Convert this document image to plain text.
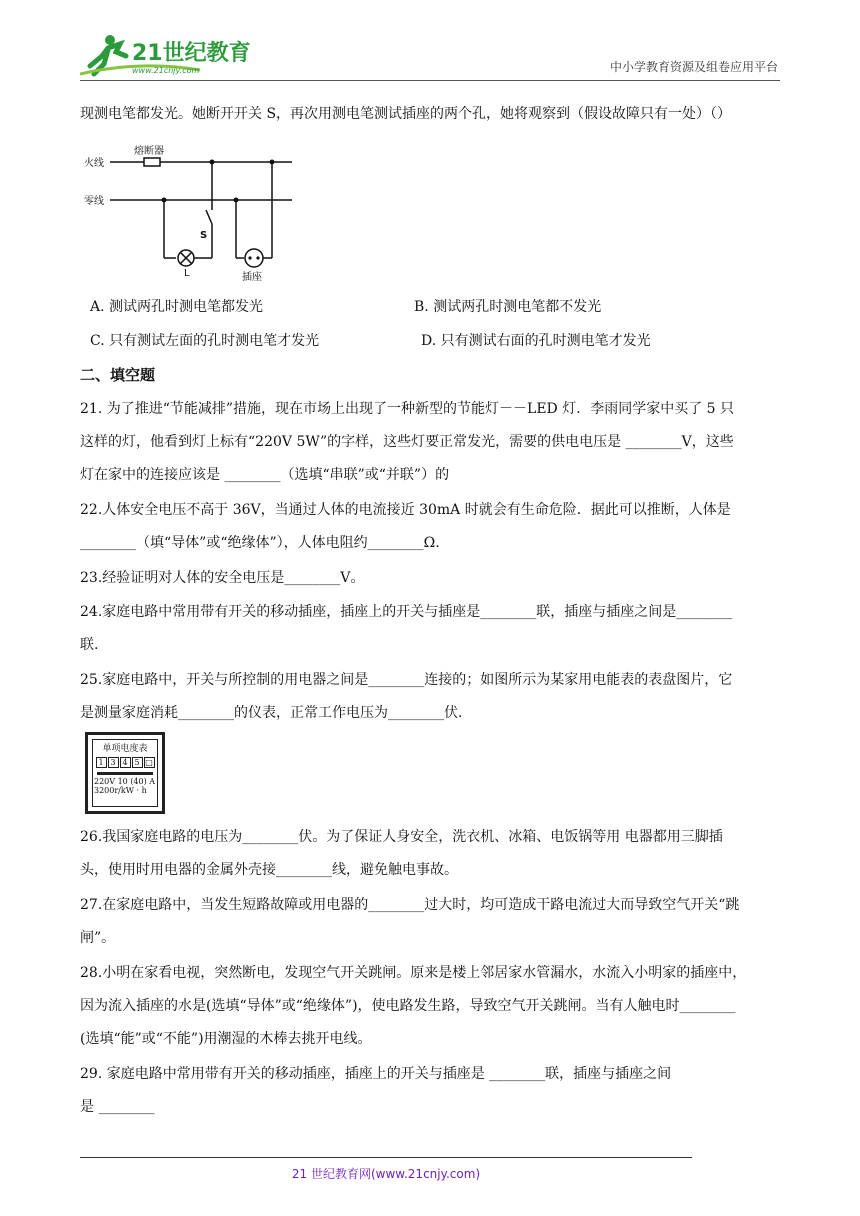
21世纪教育
www.21cnjy.com	中小学教育资源及组卷应用平台
现测电笔都发光。她断开开关 S，再次用测电笔测试插座的两个孔，她将观察到（假设故障只有一处）（）
火线
零线
熔断器
S
L	插座
A. 测试两孔时测电笔都发光	B. 测试两孔时测电笔都不发光
C. 只有测试左面的孔时测电笔才发光	D. 只有测试右面的孔时测电笔才发光
二、填空题
21. 为了推进“节能减排”措施，现在市场上出现了一种新型的节能灯－－LED 灯．李雨同学家中买了 5 只
这样的灯，他看到灯上标有“220V 5W”的字样，这些灯要正常发光，需要的供电电压是 ________V，这些
灯在家中的连接应该是 ________（选填“串联”或“并联”）的
22.人体安全电压不高于 36V，当通过人体的电流接近 30mA 时就会有生命危险．据此可以推断，人体是
________（填“导体”或“绝缘体”），人体电阻约________Ω.
23.经验证明对人体的安全电压是________V。
24.家庭电路中常用带有开关的移动插座，插座上的开关与插座是________联，插座与插座之间是________
联.
25.家庭电路中，开关与所控制的用电器之间是________连接的；如图所示为某家用电能表的表盘图片，它
是测量家庭消耗________的仪表，正常工作电压为________伏.
单项电度表
1 3 4 5 □
220V 10 (40) A
3200r/kW · h
26.我国家庭电路的电压为________伏。为了保证人身安全，洗衣机、冰箱、电饭锅等用 电器都用三脚插
头，使用时用电器的金属外壳接________线，避免触电事故。
27.在家庭电路中，当发生短路故障或用电器的________过大时，均可造成干路电流过大而导致空气开关“跳
闸”。
28.小明在家看电视，突然断电，发现空气开关跳闸。原来是楼上邻居家水管漏水，水流入小明家的插座中，
因为流入插座的水是(选填“导体”或“绝缘体”)，使电路发生路，导致空气开关跳闸。当有人触电时________
(选填“能”或“不能”)用潮湿的木棒去挑开电线。
29. 家庭电路中常用带有开关的移动插座，插座上的开关与插座是 ________联，插座与插座之间
是 ________
21 世纪教育网(www.21cnjy.com)
